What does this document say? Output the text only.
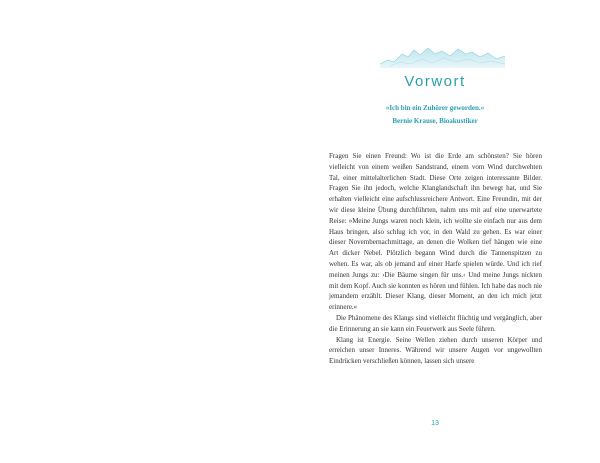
Vorwort
»Ich bin ein Zuhörer geworden.«
Bernie Krause, Bioakustiker

Fragen Sie einen Freund: Wo ist die Erde am schönsten? Sie hören vielleicht von einem weißen Sandstrand, einem vom Wind durchwehten Tal, einer mittelalterlichen Stadt. Diese Orte zeigen interessante Bilder. Fragen Sie ihn jedoch, welche Klanglandschaft ihn bewegt hat, und Sie erhalten vielleicht eine aufschlussreichere Antwort. Eine Freundin, mit der wir diese kleine Übung durchführten, nahm uns mit auf eine unerwartete Reise: »Meine Jungs waren noch klein, ich wollte sie einfach nur aus dem Haus bringen, also schlug ich vor, in den Wald zu gehen. Es war einer dieser Novembernachmittage, an denen die Wolken tief hängen wie eine Art dicker Nebel. Plötzlich begann Wind durch die Tannenspitzen zu wehen. Es war, als ob jemand auf einer Harfe spielen würde. Und ich rief meinen Jungs zu: ›Die Bäume singen für uns.‹ Und meine Jungs nickten mit dem Kopf. Auch sie konnten es hören und fühlen. Ich habe das noch nie jemandem erzählt. Dieser Klang, dieser Moment, an den ich mich jetzt erinnere.«

Die Phänomene des Klangs sind vielleicht flüchtig und vergänglich, aber die Erinnerung an sie kann ein Feuerwerk aus Seele führen.

Klang ist Energie. Seine Wellen ziehen durch unseren Körper und erreichen unser Inneres. Während wir unsere Augen vor ungewollten Eindrücken verschließen können, lassen sich unsere

13
